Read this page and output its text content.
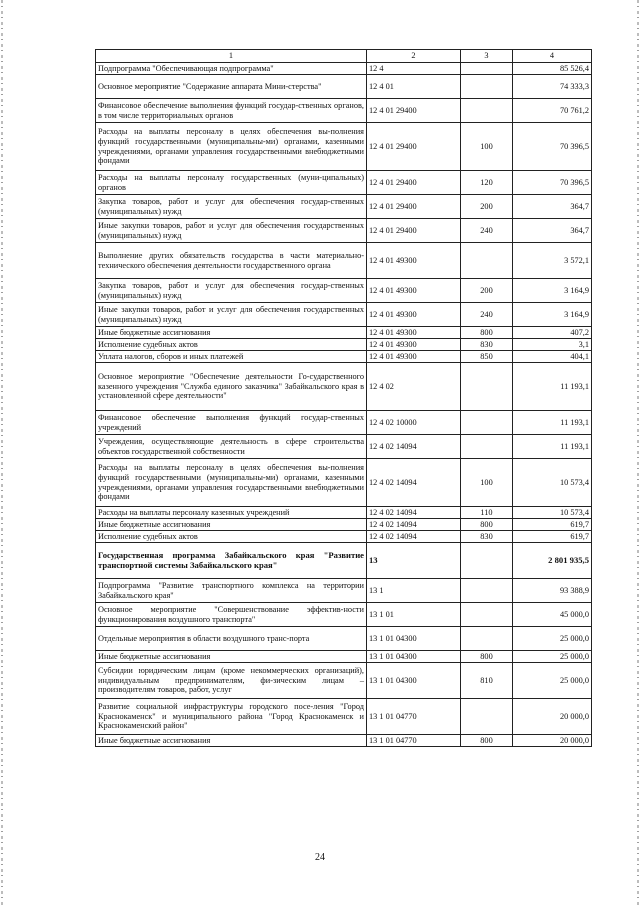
1	2	3	4
Подпрограмма "Обеспечивающая подпрограмма"	12 4		85 526,4
Основное мероприятие "Содержание аппарата Мини-стерства"	12 4 01		74 333,3
Финансовое обеспечение выполнения функций государ-ственных органов, в том числе территориальных органов	12 4 01 29400		70 761,2
Расходы на выплаты персоналу в целях обеспечения вы-полнения функций государственными (муниципальны-ми) органами, казенными учреждениями, органами управления государственными внебюджетными фондами	12 4 01 29400	100	70 396,5
Расходы на выплаты персоналу государственных (муни-ципальных) органов	12 4 01 29400	120	70 396,5
Закупка товаров, работ и услуг для обеспечения государ-ственных (муниципальных) нужд	12 4 01 29400	200	364,7
Иные закупки товаров, работ и услуг для обеспечения государственных (муниципальных) нужд	12 4 01 29400	240	364,7
Выполнение других обязательств государства в части материально-технического обеспечения деятельности государственного органа	12 4 01 49300		3 572,1
Закупка товаров, работ и услуг для обеспечения государ-ственных (муниципальных) нужд	12 4 01 49300	200	3 164,9
Иные закупки товаров, работ и услуг для обеспечения государственных (муниципальных) нужд	12 4 01 49300	240	3 164,9
Иные бюджетные ассигнования	12 4 01 49300	800	407,2
Исполнение судебных актов	12 4 01 49300	830	3,1
Уплата налогов, сборов и иных платежей	12 4 01 49300	850	404,1
Основное мероприятие "Обеспечение деятельности Го-сударственного казенного учреждения "Служба единого заказчика" Забайкальского края в установленной сфере деятельности"	12 4 02		11 193,1
Финансовое обеспечение выполнения функций государ-ственных учреждений	12 4 02 10000		11 193,1
Учреждения, осуществляющие деятельность в сфере строительства объектов государственной собственности	12 4 02 14094		11 193,1
Расходы на выплаты персоналу в целях обеспечения вы-полнения функций государственными (муниципальны-ми) органами, казенными учреждениями, органами управления государственными внебюджетными фондами	12 4 02 14094	100	10 573,4
Расходы на выплаты персоналу казенных учреждений	12 4 02 14094	110	10 573,4
Иные бюджетные ассигнования	12 4 02 14094	800	619,7
Исполнение судебных актов	12 4 02 14094	830	619,7
Государственная программа Забайкальского края "Развитие транспортной системы Забайкальского края"	13		2 801 935,5
Подпрограмма "Развитие транспортного комплекса на территории Забайкальского края"	13 1		93 388,9
Основное мероприятие "Совершенствование эффектив-ности функционирования воздушного транспорта"	13 1 01		45 000,0
Отдельные мероприятия в области воздушного транс-порта	13 1 01 04300		25 000,0
Иные бюджетные ассигнования	13 1 01 04300	800	25 000,0
Субсидии юридическим лицам (кроме некоммерческих организаций), индивидуальным предпринимателям, фи-зическим лицам – производителям товаров, работ, услуг	13 1 01 04300	810	25 000,0
Развитие социальной инфраструктуры городского посе-ления "Город Краснокаменск" и муниципального района "Город Краснокаменск и Краснокаменский район"	13 1 01 04770		20 000,0
Иные бюджетные ассигнования	13 1 01 04770	800	20 000,0
24
